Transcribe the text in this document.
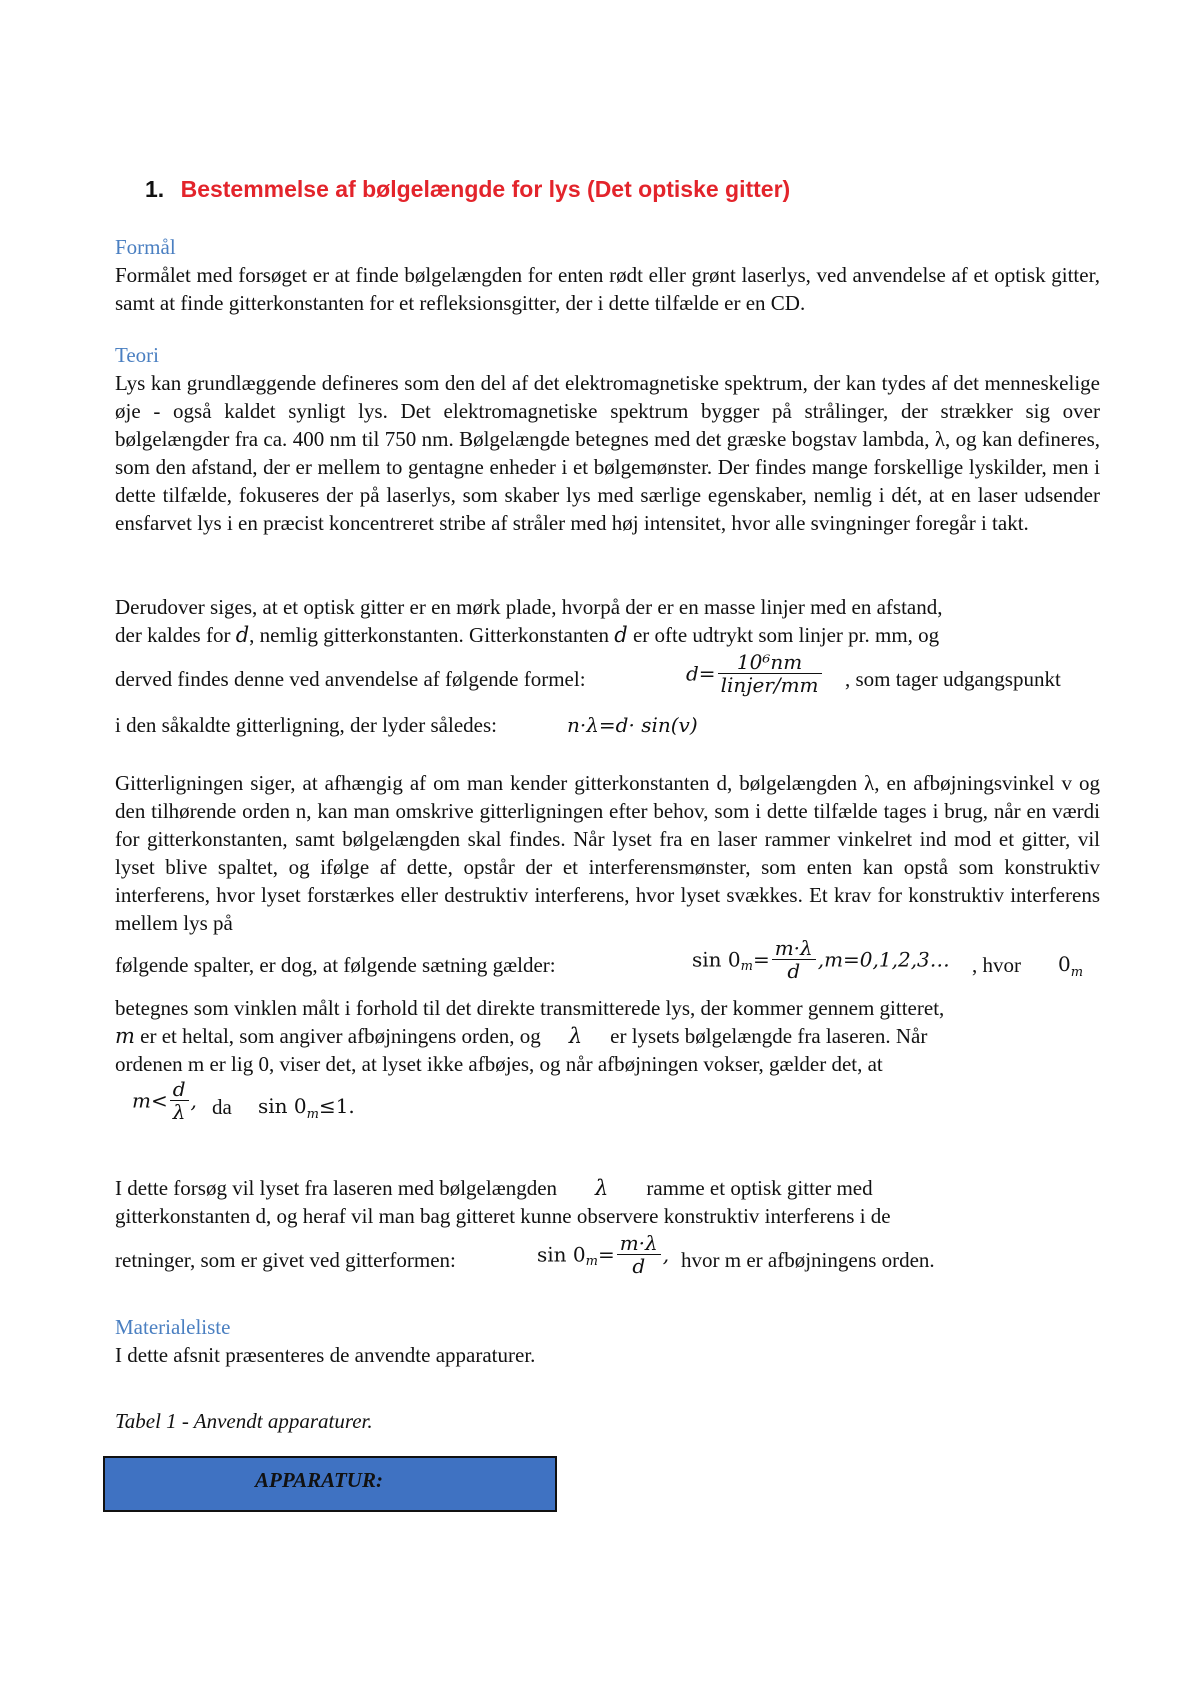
1. Bestemmelse af bølgelængde for lys (Det optiske gitter)
Formål
Formålet med forsøget er at finde bølgelængden for enten rødt eller grønt laserlys, ved anvendelse af et optisk gitter, samt at finde gitterkonstanten for et refleksionsgitter, der i dette tilfælde er en CD.
Teori
Lys kan grundlæggende defineres som den del af det elektromagnetiske spektrum, der kan tydes af det menneskelige øje - også kaldet synligt lys. Det elektromagnetiske spektrum bygger på strålinger, der strækker sig over bølgelængder fra ca. 400 nm til 750 nm. Bølgelængde betegnes med det græske bogstav lambda, λ, og kan defineres, som den afstand, der er mellem to gentagne enheder i et bølgemønster. Der findes mange forskellige lyskilder, men i dette tilfælde, fokuseres der på laserlys, som skaber lys med særlige egenskaber, nemlig i dét, at en laser udsender ensfarvet lys i en præcist koncentreret stribe af stråler med høj intensitet, hvor alle svingninger foregår i takt.
Derudover siges, at et optisk gitter er en mørk plade, hvorpå der er en masse linjer med en afstand,
der kaldes for d, nemlig gitterkonstanten. Gitterkonstanten d er ofte udtrykt som linjer pr. mm, og
derved findes denne ved anvendelse af følgende formel:	$d= \frac{\text{10⁶nm}}{\text{linjer/mm}}$ , som tager udgangspunkt
i den såkaldte gitterligning, der lyder således:	n·λ=d· sin(v)
Gitterligningen siger, at afhængig af om man kender gitterkonstanten d, bølgelængden λ, en afbøjningsvinkel v og den tilhørende orden n, kan man omskrive gitterligningen efter behov, som i dette tilfælde tages i brug, når en værdi for gitterkonstanten, samt bølgelængden skal findes. Når lyset fra en laser rammer vinkelret ind mod et gitter, vil lyset blive spaltet, og ifølge af dette, opstår der et interferensmønster, som enten kan opstå som konstruktiv interferens, hvor lyset forstærkes eller destruktiv interferens, hvor lyset svækkes. Et krav for konstruktiv interferens mellem lys på
følgende spalter, er dog, at følgende sætning gælder:	$\sin 0_m= \frac{m\cdot\lambda}{d}$ ,m=0,1,2,3… , hvor	$0_m$
betegnes som vinklen målt i forhold til det direkte transmitterede lys, der kommer gennem gitteret,
m er et heltal, som angiver afbøjningens orden, og λ er lysets bølgelængde fra laseren. Når
ordenen m er lig 0, viser det, at lyset ikke afbøjes, og når afbøjningen vokser, gælder det, at
$m< \frac{d}{\lambda}$ , da	$\sin 0_m\le 1$.
I dette forsøg vil lyset fra laseren med bølgelængden λ ramme et optisk gitter med
gitterkonstanten d, og heraf vil man bag gitteret kunne observere konstruktiv interferens i de
retninger, som er givet ved gitterformen:	$\sin 0_m= \frac{m\cdot\lambda}{d}$ , hvor m er afbøjningens orden.
Materialeliste
I dette afsnit præsenteres de anvendte apparaturer.
Tabel 1 - Anvendt apparaturer.
APPARATUR:
